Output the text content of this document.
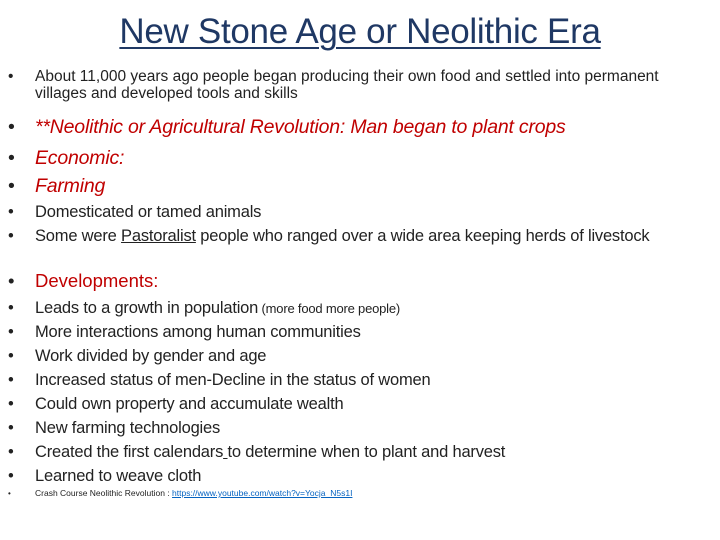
New Stone Age or Neolithic Era
• About 11,000 years ago people began producing their own food and settled into permanent villages and developed tools and skills
• **Neolithic or Agricultural Revolution: Man began to plant crops
• Economic:
• Farming
• Domesticated or tamed animals
• Some were Pastoralist people who ranged over a wide area keeping herds of livestock
• Developments:
• Leads to a growth in population (more food more people)
• More interactions among human communities
• Work divided by gender and age
• Increased status of men-Decline in the status of women
• Could own property and accumulate wealth
• New farming technologies
• Created the first calendars to determine when to plant and harvest
• Learned to weave cloth
•	Crash Course Neolithic Revolution : https://www.youtube.com/watch?v=Yocja_N5s1I
